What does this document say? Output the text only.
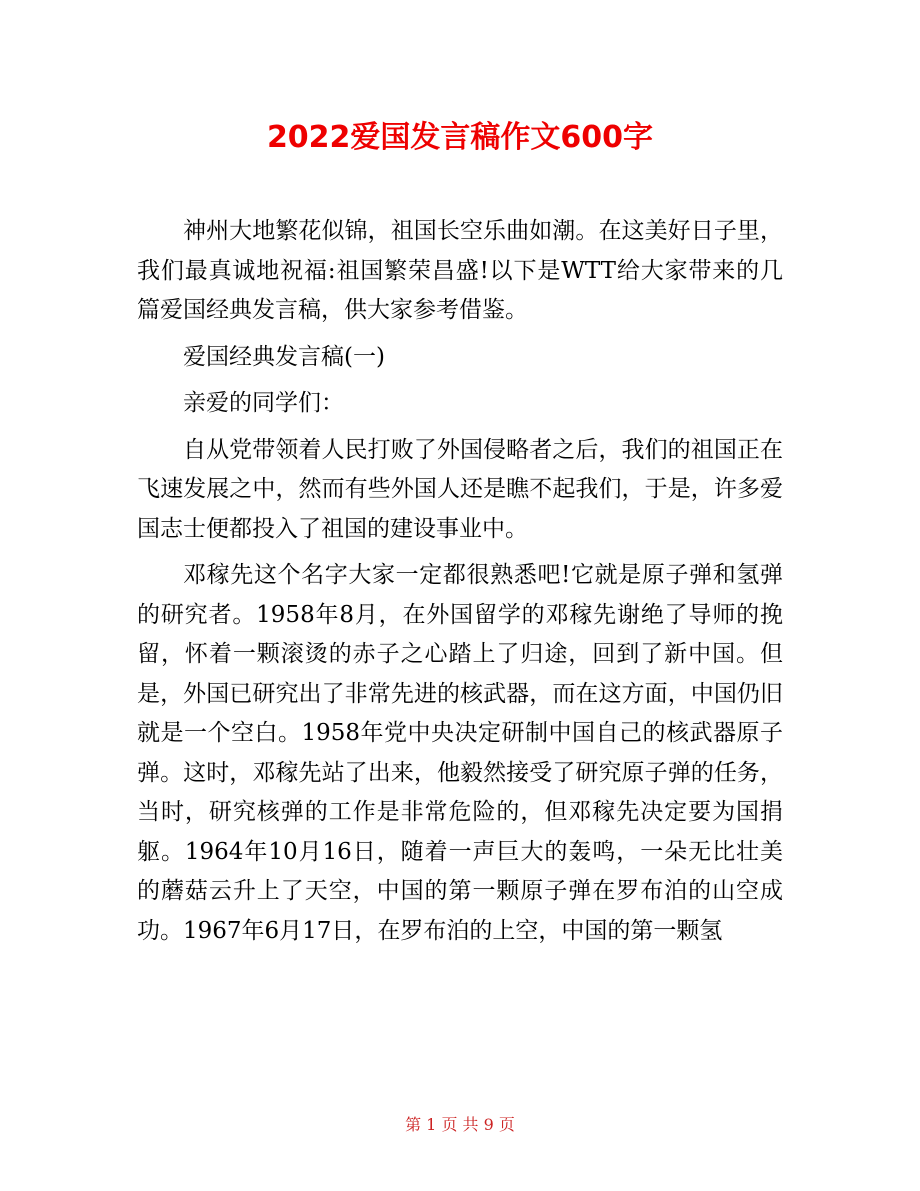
2022爱国发言稿作文600字

神州大地繁花似锦，祖国长空乐曲如潮。在这美好日子里，我们最真诚地祝福:祖国繁荣昌盛!以下是WTT给大家带来的几篇爱国经典发言稿，供大家参考借鉴。

爱国经典发言稿(一)

亲爱的同学们：

自从党带领着人民打败了外国侵略者之后，我们的祖国正在飞速发展之中，然而有些外国人还是瞧不起我们，于是，许多爱国志士便都投入了祖国的建设事业中。

邓稼先这个名字大家一定都很熟悉吧!它就是原子弹和氢弹的研究者。1958年8月，在外国留学的邓稼先谢绝了导师的挽留，怀着一颗滚烫的赤子之心踏上了归途，回到了新中国。但是，外国已研究出了非常先进的核武器，而在这方面，中国仍旧就是一个空白。1958年党中央决定研制中国自己的核武器原子弹。这时，邓稼先站了出来，他毅然接受了研究原子弹的任务，当时，研究核弹的工作是非常危险的，但邓稼先决定要为国捐躯。1964年10月16日，随着一声巨大的轰鸣，一朵无比壮美的蘑菇云升上了天空，中国的第一颗原子弹在罗布泊的山空成功。1967年6月17日，在罗布泊的上空，中国的第一颗氢

第 1 页 共 9 页
